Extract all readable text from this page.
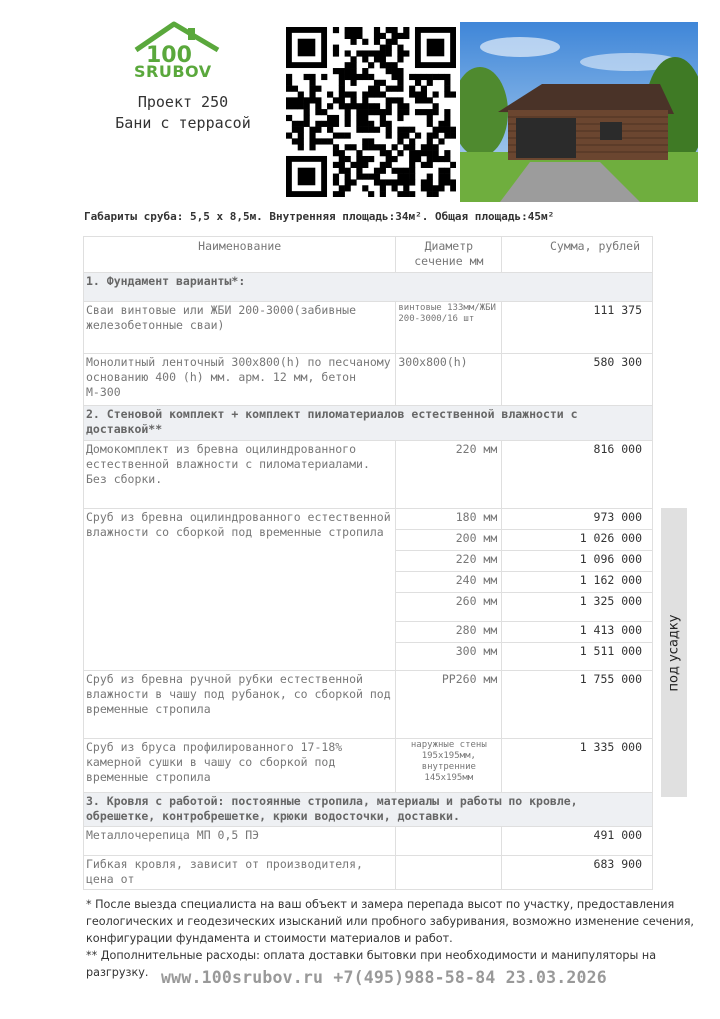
100
SRUBOV
Проект 250
Бани с террасой
Габариты сруба: 5,5 x 8,5м. Внутренняя площадь:34м². Общая площадь:45м²
Наименование	Диаметр сечение мм	Сумма, рублей
1. Фундамент варианты*:		
Сваи винтовые или ЖБИ 200-3000(забивные железобетонные сваи)	винтовые 133мм/ЖБИ 200-3000/16 шт	111 375
Монолитный ленточный 300x800(h) по песчаному основанию 400 (h) мм. арм. 12 мм, бетон М-300	300x800(h)	580 300
2. Стеновой комплект + комплект пиломатериалов естественной влажности с доставкой**		
Домокомплект из бревна оцилиндрованного естественной влажности с пиломатериалами. Без сборки.	220 мм	816 000
Сруб из бревна оцилиндрованного естественной влажности со сборкой под временные стропила	180 мм	973 000
	200 мм	1 026 000
	220 мм	1 096 000
	240 мм	1 162 000
	260 мм	1 325 000
	280 мм	1 413 000
	300 мм	1 511 000
Сруб из бревна ручной рубки естественной влажности в чашу под рубанок, со сборкой под временные стропила	PP260 мм	1 755 000
Сруб из бруса профилированного 17-18% камерной сушки в чашу со сборкой под временные стропила	наружные стены 195x195мм, внутренние 145x195мм	1 335 000
3. Кровля с работой: постоянные стропила, материалы и работы по кровле, обрешетке, контробрешетке, крюки водосточки, доставки.		
Металлочерепица МП 0,5 ПЭ		491 000
Гибкая кровля, зависит от производителя, цена от		683 900
под усадку

* После выезда специалиста на ваш объект и замера перепада высот по участку, предоставления геологических и геодезических изысканий или пробного забуривания, возможно изменение сечения, конфигурации фундамента и стоимости материалов и работ.

** Дополнительные расходы: оплата доставки бытовки при необходимости и манипуляторы на разгрузку. www.100srubov.ru +7(495)988-58-84 23.03.2026
